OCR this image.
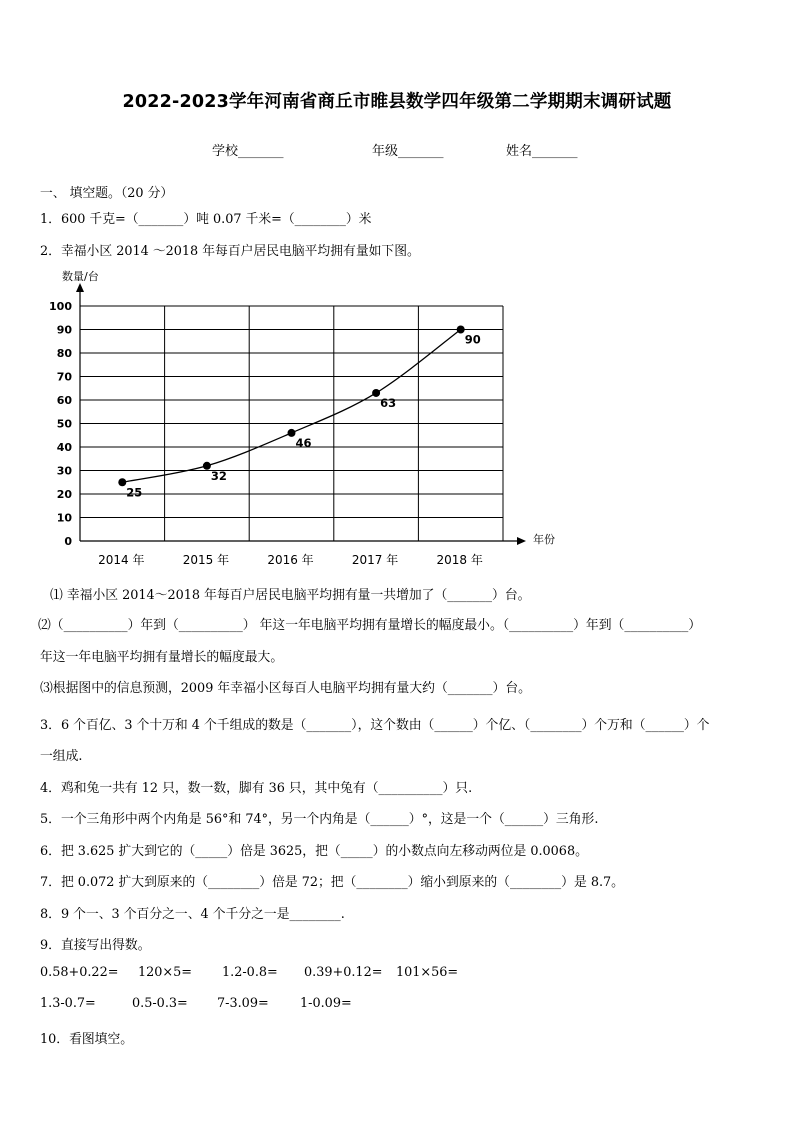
2022-2023学年河南省商丘市睢县数学四年级第二学期期末调研试题
学校_______	年级_______	姓名_______
一、 填空题。（20 分）
1．600 千克=（_______）吨 0.07 千米=（________）米
2．幸福小区 2014 ～2018 年每百户居民电脑平均拥有量如下图。
0
10
20
30
40
50
60
70
80
90
100
数量/台
年份
2014 年	2015 年	2016 年	2017 年	2018 年
25
32
46
63
90
⑴ 幸福小区 2014～2018 年每百户居民电脑平均拥有量一共增加了（_______）台。
⑵（__________）年到（__________） 年这一年电脑平均拥有量增长的幅度最小。（__________）年到（__________）
年这一年电脑平均拥有量增长的幅度最大。
⑶根据图中的信息预测，2009 年幸福小区每百人电脑平均拥有量大约（_______）台。
3．6 个百亿、3 个十万和 4 个千组成的数是（_______），这个数由（______）个亿、（________）个万和（______）个
一组成.
4．鸡和兔一共有 12 只，数一数，脚有 36 只，其中兔有（__________）只.
5．一个三角形中两个内角是 56°和 74°，另一个内角是（______）°，这是一个（______）三角形.
6．把 3.625 扩大到它的（_____）倍是 3625，把（_____）的小数点向左移动两位是 0.0068。
7．把 0.072 扩大到原来的（________）倍是 72；把（________）缩小到原来的（________）是 8.7。
8．9 个一、3 个百分之一、4 个千分之一是________.
9．直接写出得数。
0.58+0.22= 120×5= 1.2-0.8= 0.39+0.12= 101×56=
1.3-0.7=	0.5-0.3= 7-3.09= 1-0.09=
10．看图填空。
